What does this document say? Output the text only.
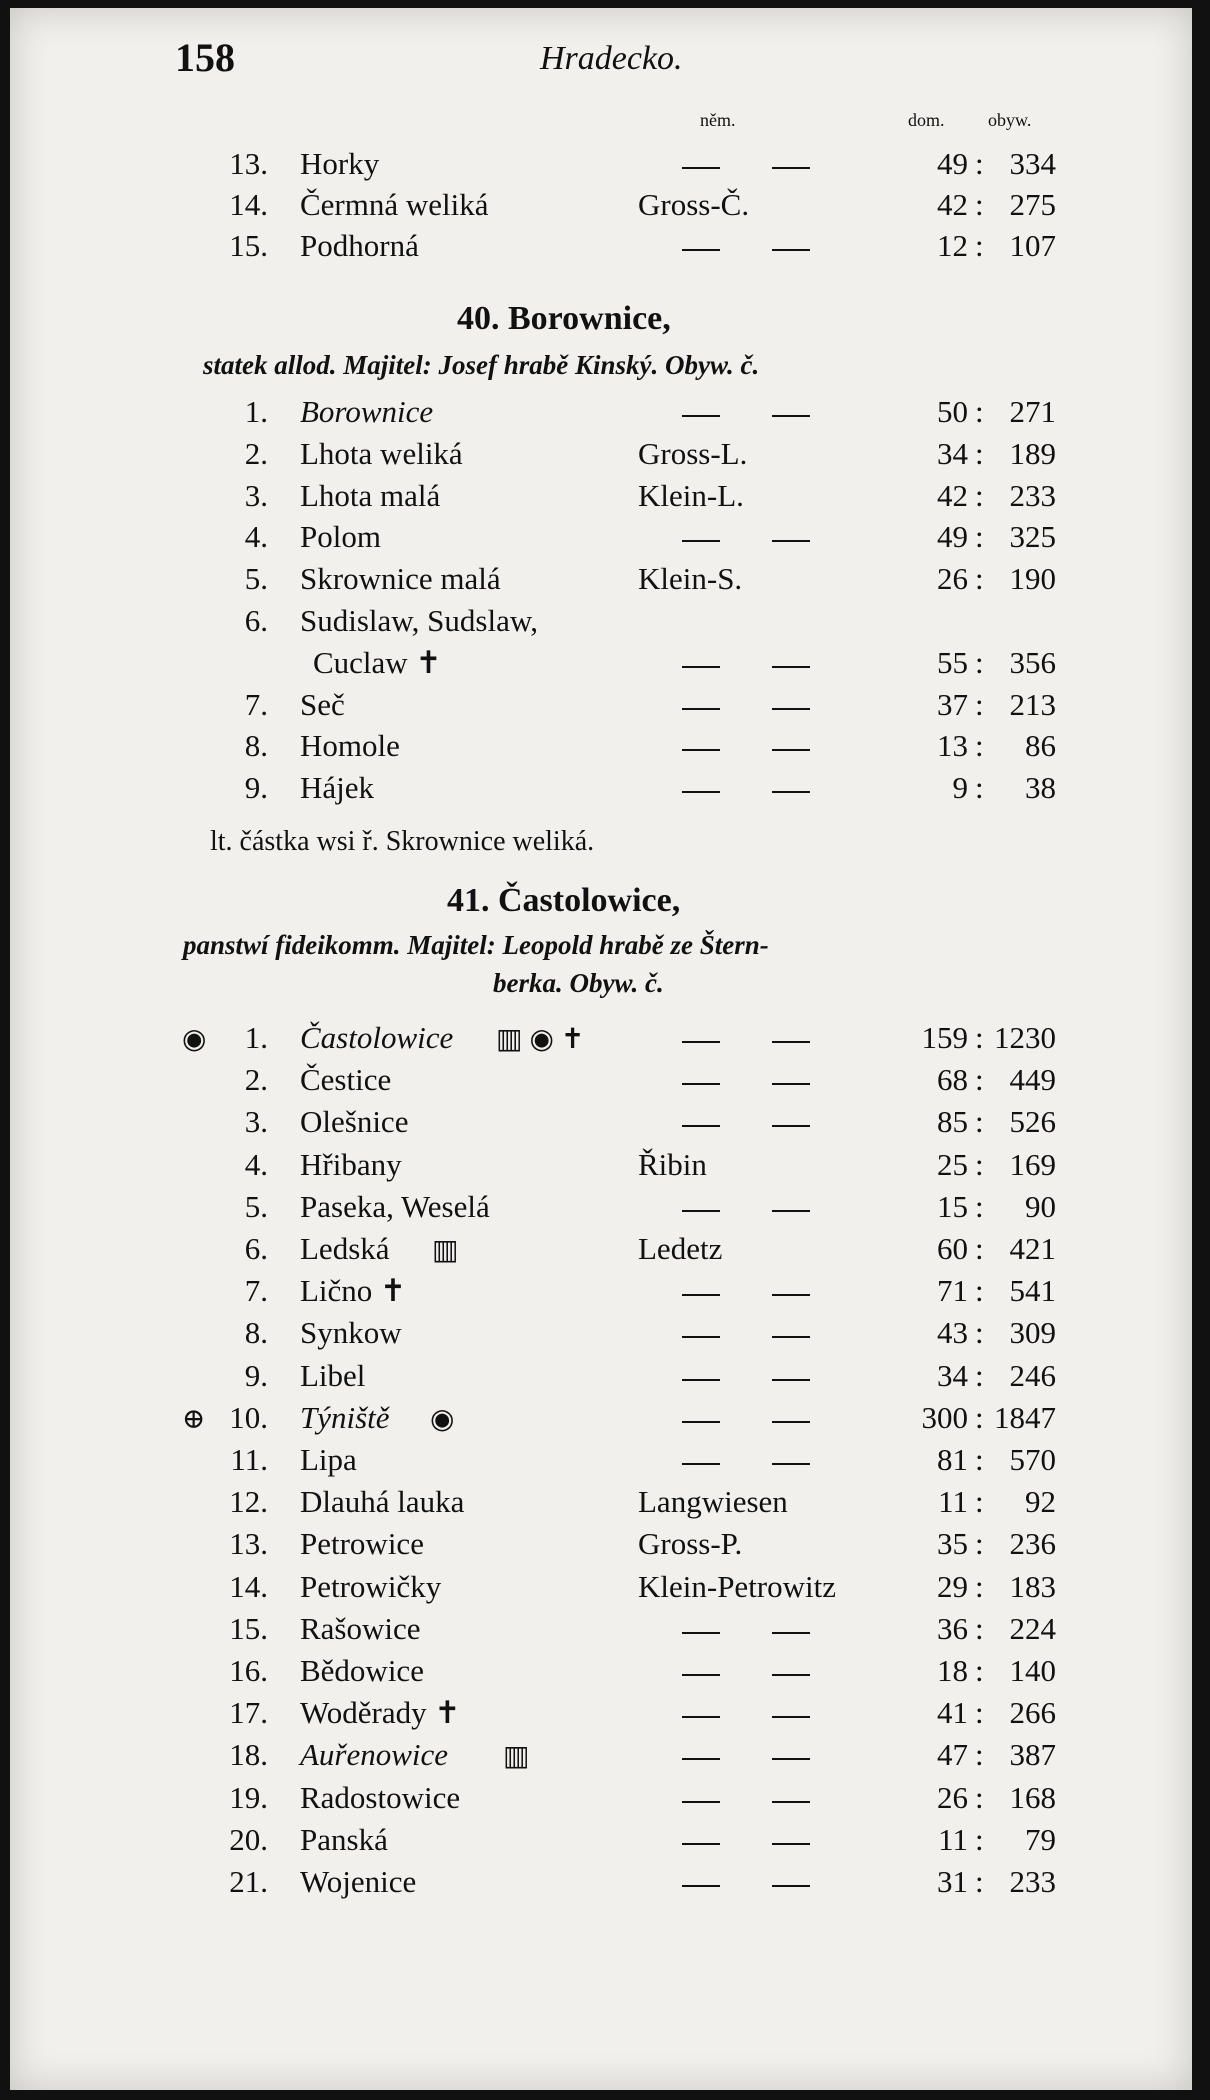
158	Hradecko.
něm.	dom. obyw.
13. Horky	49 : 334
14. Čermná weliká	Gross-Č.	42 : 275
15. Podhorná	12 : 107
40. Borownice,
statek allod. Majitel: Josef hrabě Kinský. Obyw. č.
1. Borownice	50 : 271
2. Lhota weliká	Gross-L.	34 : 189
3. Lhota malá	Klein-L.	42 : 233
4. Polom	49 : 325
5. Skrownice malá	Klein-S.	26 : 190
6. Sudislaw, Sudslaw,
Cuclaw ✝	55 : 356
7. Seč	37 : 213
8. Homole	13 :	86
9. Hájek	9 :	38
lt. částka wsi ř. Skrownice weliká.
41. Častolowice,
panstwí fideikomm. Majitel: Leopold hrabě ze Štern-
berka. Obyw. č.
◉	1. Častolowice ▥ ◉ ✝	159 : 1230
2. Čestice	68 : 449
3. Olešnice	85 : 526
4. Hřibany	Řibin	25 : 169
5. Paseka, Weselá	15 :	90
6. Ledská ▥	Ledetz	60 : 421
7. Lično ✝	71 : 541
8. Synkow	43 : 309
9. Libel	34 : 246
⊕ 10. Týniště ◉	300 : 1847
11. Lipa	81 : 570
12. Dlauhá lauka	Langwiesen	11 :	92
13. Petrowice	Gross-P.	35 : 236
14. Petrowičky	Klein-Petrowitz	29 : 183
15. Rašowice	36 : 224
16. Bědowice	18 : 140
17. Woděrady ✝	41 : 266
18. Auřenowice ▥	47 : 387
19. Radostowice	26 : 168
20. Panská	11 :	79
21. Wojenice	31 : 233
